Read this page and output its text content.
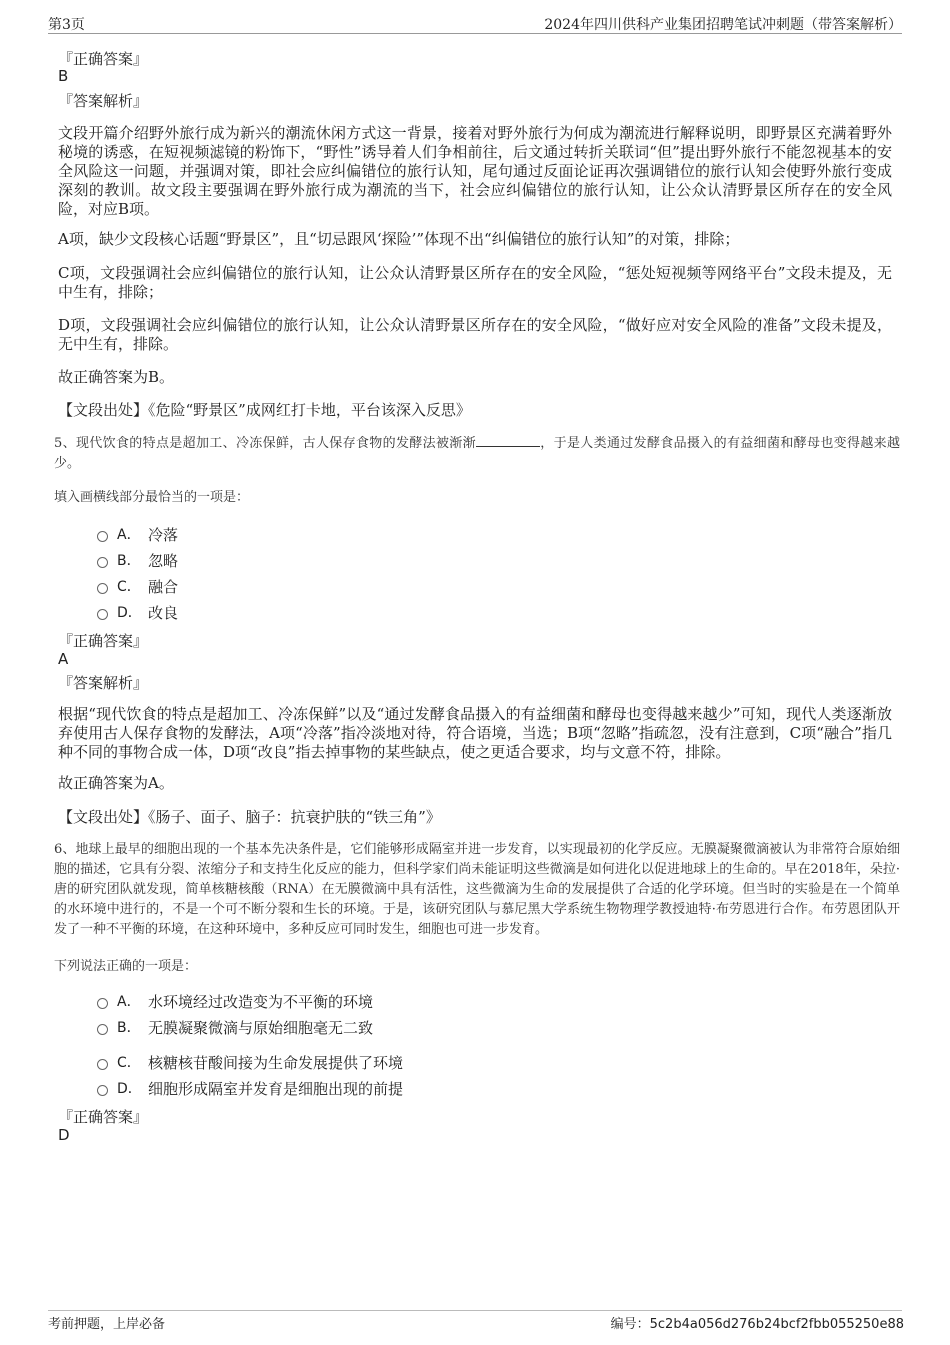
第3页	2024年四川供科产业集团招聘笔试冲刺题（带答案解析）
『正确答案』
B
『答案解析』
文段开篇介绍野外旅行成为新兴的潮流休闲方式这一背景，接着对野外旅行为何成为潮流进行解释说明，即野景区充满着野外秘境的诱惑，在短视频滤镜的粉饰下，“野性”诱导着人们争相前往，后文通过转折关联词“但”提出野外旅行不能忽视基本的安全风险这一问题，并强调对策，即社会应纠偏错位的旅行认知，尾句通过反面论证再次强调错位的旅行认知会使野外旅行变成深刻的教训。故文段主要强调在野外旅行成为潮流的当下，社会应纠偏错位的旅行认知，让公众认清野景区所存在的安全风险，对应B项。
A项，缺少文段核心话题“野景区”，且“切忌跟风‘探险’”体现不出“纠偏错位的旅行认知”的对策，排除；
C项，文段强调社会应纠偏错位的旅行认知，让公众认清野景区所存在的安全风险，“惩处短视频等网络平台”文段未提及，无中生有，排除；
D项，文段强调社会应纠偏错位的旅行认知，让公众认清野景区所存在的安全风险，“做好应对安全风险的准备”文段未提及，无中生有，排除。
故正确答案为B。
【文段出处】《危险“野景区”成网红打卡地，平台该深入反思》
5、现代饮食的特点是超加工、冷冻保鲜，古人保存食物的发酵法被渐渐	，于是人类通过发酵食品摄入的有益细菌和酵母也变得越来越少。
填入画横线部分最恰当的一项是：
A． 冷落
B． 忽略
C． 融合
D． 改良
『正确答案』
A
『答案解析』
根据“现代饮食的特点是超加工、冷冻保鲜”以及“通过发酵食品摄入的有益细菌和酵母也变得越来越少”可知，现代人类逐渐放弃使用古人保存食物的发酵法，A项“冷落”指冷淡地对待，符合语境，当选；B项“忽略”指疏忽，没有注意到，C项“融合”指几种不同的事物合成一体，D项“改良”指去掉事物的某些缺点，使之更适合要求，均与文意不符，排除。
故正确答案为A。
【文段出处】《肠子、面子、脑子：抗衰护肤的“铁三角”》
6、地球上最早的细胞出现的一个基本先决条件是，它们能够形成隔室并进一步发育，以实现最初的化学反应。无膜凝聚微滴被认为非常符合原始细胞的描述，它具有分裂、浓缩分子和支持生化反应的能力，但科学家们尚未能证明这些微滴是如何进化以促进地球上的生命的。早在2018年，朵拉·唐的研究团队就发现，简单核糖核酸（RNA）在无膜微滴中具有活性，这些微滴为生命的发展提供了合适的化学环境。但当时的实验是在一个简单的水环境中进行的，不是一个可不断分裂和生长的环境。于是，该研究团队与慕尼黑大学系统生物物理学教授迪特·布劳恩进行合作。布劳恩团队开发了一种不平衡的环境，在这种环境中，多种反应可同时发生，细胞也可进一步发育。
下列说法正确的一项是：
A． 水环境经过改造变为不平衡的环境
B． 无膜凝聚微滴与原始细胞毫无二致
C． 核糖核苷酸间接为生命发展提供了环境
D． 细胞形成隔室并发育是细胞出现的前提
『正确答案』
D
考前押题，上岸必备	编号：5c2b4a056d276b24bcf2fbb055250e88
